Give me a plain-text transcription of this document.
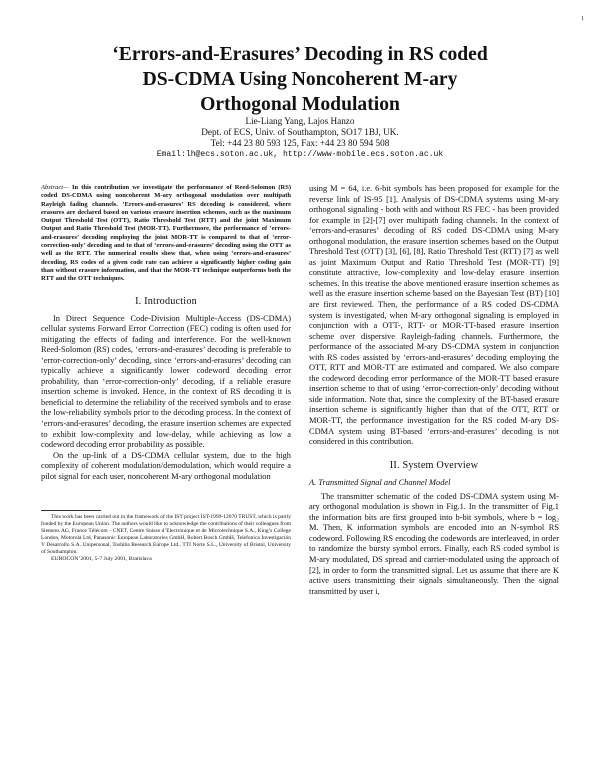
1
‘Errors-and-Erasures’ Decoding in RS coded
DS-CDMA Using Noncoherent M-ary
Orthogonal Modulation
Lie-Liang Yang, Lajos Hanzo
Dept. of ECS, Univ. of Southampton, SO17 1BJ, UK.
Tel: +44 23 80 593 125, Fax: +44 23 80 594 508
Email:lh@ecs.soton.ac.uk, http://www-mobile.ecs.soton.ac.uk

Abstract— In this contribution we investigate the performance of Reed-Solomon (RS) coded DS-CDMA using noncoherent M-ary orthogonal modulation over multipath Rayleigh fading channels. ‘Errors-and-erasures’ RS decoding is considered, where erasures are declared based on various erasure insertion schemes, such as the maximum Output Threshold Test (OTT), Ratio Threshold Test (RTT) and the joint Maximum Output and Ratio Threshold Test (MOR-TT). Furthermore, the performance of ‘errors-and-erasures’ decoding employing the joint MOR-TT is compared to that of ‘error-correction-only’ decoding and to that of ‘errors-and-erasures’ decoding using the OTT as well as the RTT. The numerical results show that, when using ‘errors-and-erasures’ decoding, RS codes of a given code rate can achieve a significantly higher coding gain than without erasure information, and that the MOR-TT technique outperforms both the RTT and the OTT techniques.

I. Introduction

In Direct Sequence Code-Division Multiple-Access (DS-CDMA) cellular systems Forward Error Correction (FEC) coding is often used for mitigating the effects of fading and interference. For the well-known Reed-Solomon (RS) codes, ‘errors-and-erasures’ decoding is preferable to ‘error-correction-only’ decoding, since ‘errors-and-erasures’ decoding can typically achieve a significantly lower codeword decoding error probability, than ‘error-correction-only’ decoding, if a reliable erasure insertion scheme is invoked. Hence, in the context of RS decoding it is beneficial to determine the reliability of the received symbols and to erase the low-reliability symbols prior to the decoding process. In the context of ‘errors-and-erasures’ decoding, the erasure insertion schemes are expected to exhibit low-complexity and low-delay, while achieving as low a codeword decoding error probability as possible.

On the up-link of a DS-CDMA cellular system, due to the high complexity of coherent modulation/demodulation, which would require a pilot signal for each user, noncoherent M-ary orthogonal modulation

This work has been carried out in the framework of the IST project IST-1999-12070 TRUST, which is partly funded by the European Union. The authors would like to acknowledge the contributions of their colleagues from Siemens AG, France Télécom - CNET, Centre Suisse d’Electronique et de Microtechnique S.A., King’s College London, Motorola Ltd, Panasonic European Laboratories GmbH, Robert Bosch GmbH, Telefonica Investigación Y Desarrollo S.A. Unipersonal, Toshiba Research Europe Ltd., TTI Norte S.L., University of Bristol, University of Southampton.

EUROCON’2001, 5-7 July 2001, Bratislava

using M = 64, i.e. 6-bit symbols has been proposed for example for the reverse link of IS-95 [1]. Analysis of DS-CDMA systems using M-ary orthogonal signaling - both with and without RS FEC - has been provided for example in [2]-[7] over multipath fading channels. In the context of ‘errors-and-erasures’ decoding of RS coded DS-CDMA using M-ary orthogonal modulation, the erasure insertion schemes based on the Output Threshold Test (OTT) [3], [6], [8], Ratio Threshold Test (RTT) [7] as well as joint Maximum Output and Ratio Threshold Test (MOR-TT) [9] constitute attractive, low-complexity and low-delay erasure insertion schemes. In this treatise the above mentioned erasure insertion schemes as well as the erasure insertion scheme based on the Bayesian Test (BT) [10] are first reviewed. Then, the performance of a RS coded DS-CDMA system is investigated, when M-ary orthogonal signaling is employed in conjunction with a OTT-, RTT- or MOR-TT-based erasure insertion scheme over dispersive Rayleigh-fading channels. Furthermore, the performance of the associated M-ary DS-CDMA system in conjunction with RS codes assisted by ‘errors-and-erasures’ decoding employing the OTT, RTT and MOR-TT are estimated and compared. We also compare the codeword decoding error performance of the MOR-TT based erasure insertion scheme to that of using ‘error-correction-only’ decoding without side information. Note that, since the complexity of the BT-based erasure insertion scheme is significantly higher than that of the OTT, RTT or MOR-TT, the performance investigation for the RS coded M-ary DS-CDMA system using BT-based ‘errors-and-erasures’ decoding is not considered in this contribution.

II. System Overview
A. Transmitted Signal and Channel Model

The transmitter schematic of the coded DS-CDMA system using M-ary orthogonal modulation is shown in Fig.1. In the transmitter of Fig.1 the information bits are first grouped into b-bit symbols, where b = log₂ M. Then, K information symbols are encoded into an N-symbol RS codeword. Following RS encoding the codewords are interleaved, in order to randomize the bursty symbol errors. Finally, each RS coded symbol is M-ary modulated, DS spread and carrier-modulated using the approach of [2], in order to form the transmitted signal. Let us assume that there are K active users transmitting their signals simultaneously. Then the signal transmitted by user i,
